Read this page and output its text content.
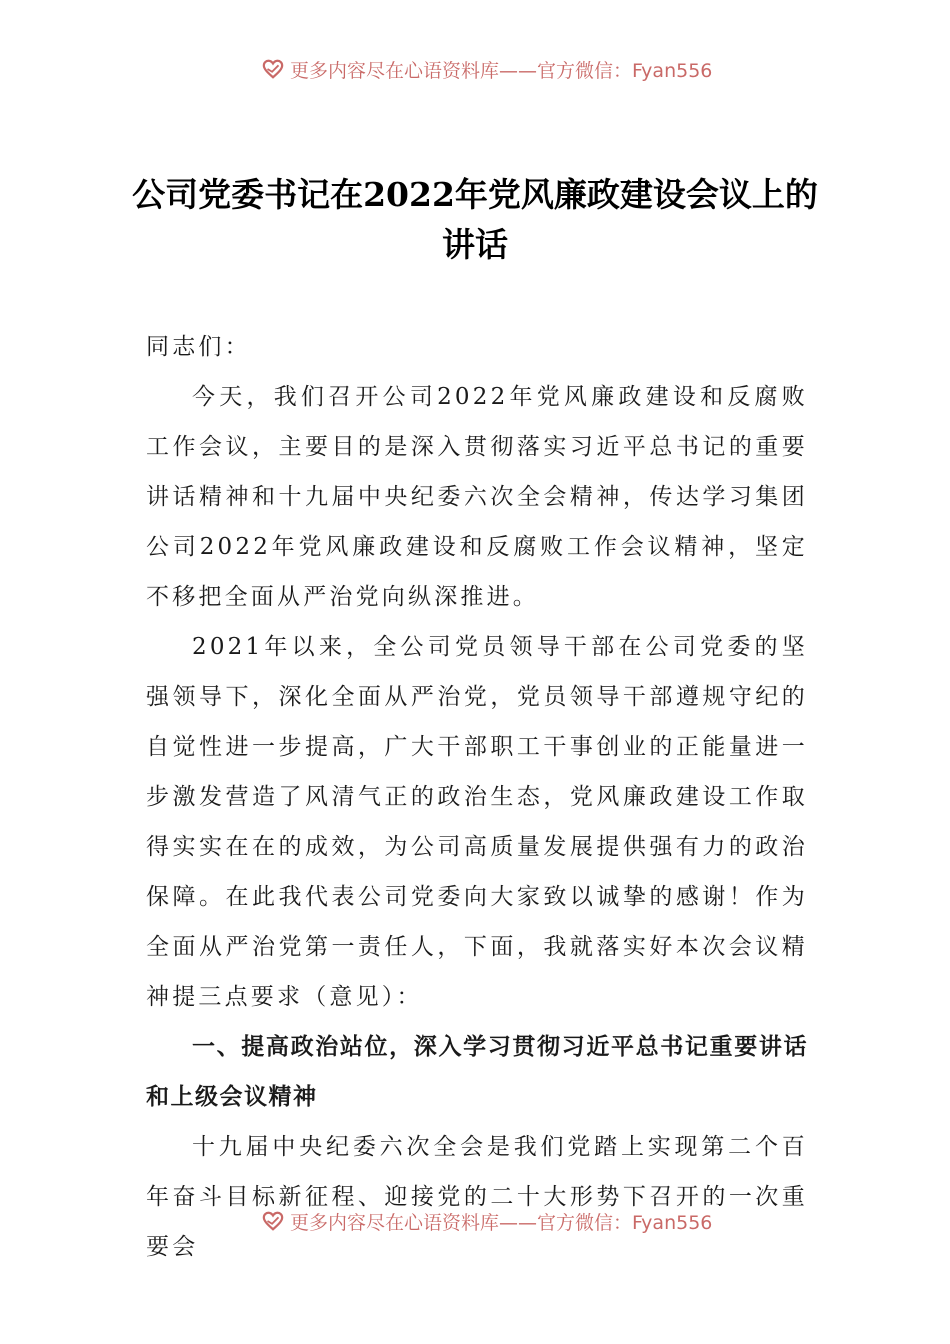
更多内容尽在心语资料库——官方微信：Fyan556
公司党委书记在2022年党风廉政建设会议上的讲话

同志们：

今天，我们召开公司2022年党风廉政建设和反腐败工作会议，主要目的是深入贯彻落实习近平总书记的重要讲话精神和十九届中央纪委六次全会精神，传达学习集团公司2022年党风廉政建设和反腐败工作会议精神，坚定不移把全面从严治党向纵深推进。

2021年以来，全公司党员领导干部在公司党委的坚强领导下，深化全面从严治党，党员领导干部遵规守纪的自觉性进一步提高，广大干部职工干事创业的正能量进一步激发营造了风清气正的政治生态，党风廉政建设工作取得实实在在的成效，为公司高质量发展提供强有力的政治保障。在此我代表公司党委向大家致以诚挚的感谢！作为全面从严治党第一责任人，下面，我就落实好本次会议精神提三点要求（意见）：

一、提高政治站位，深入学习贯彻习近平总书记重要讲话和上级会议精神

十九届中央纪委六次全会是我们党踏上实现第二个百年奋斗目标新征程、迎接党的二十大形势下召开的一次重要会

更多内容尽在心语资料库——官方微信：Fyan556
